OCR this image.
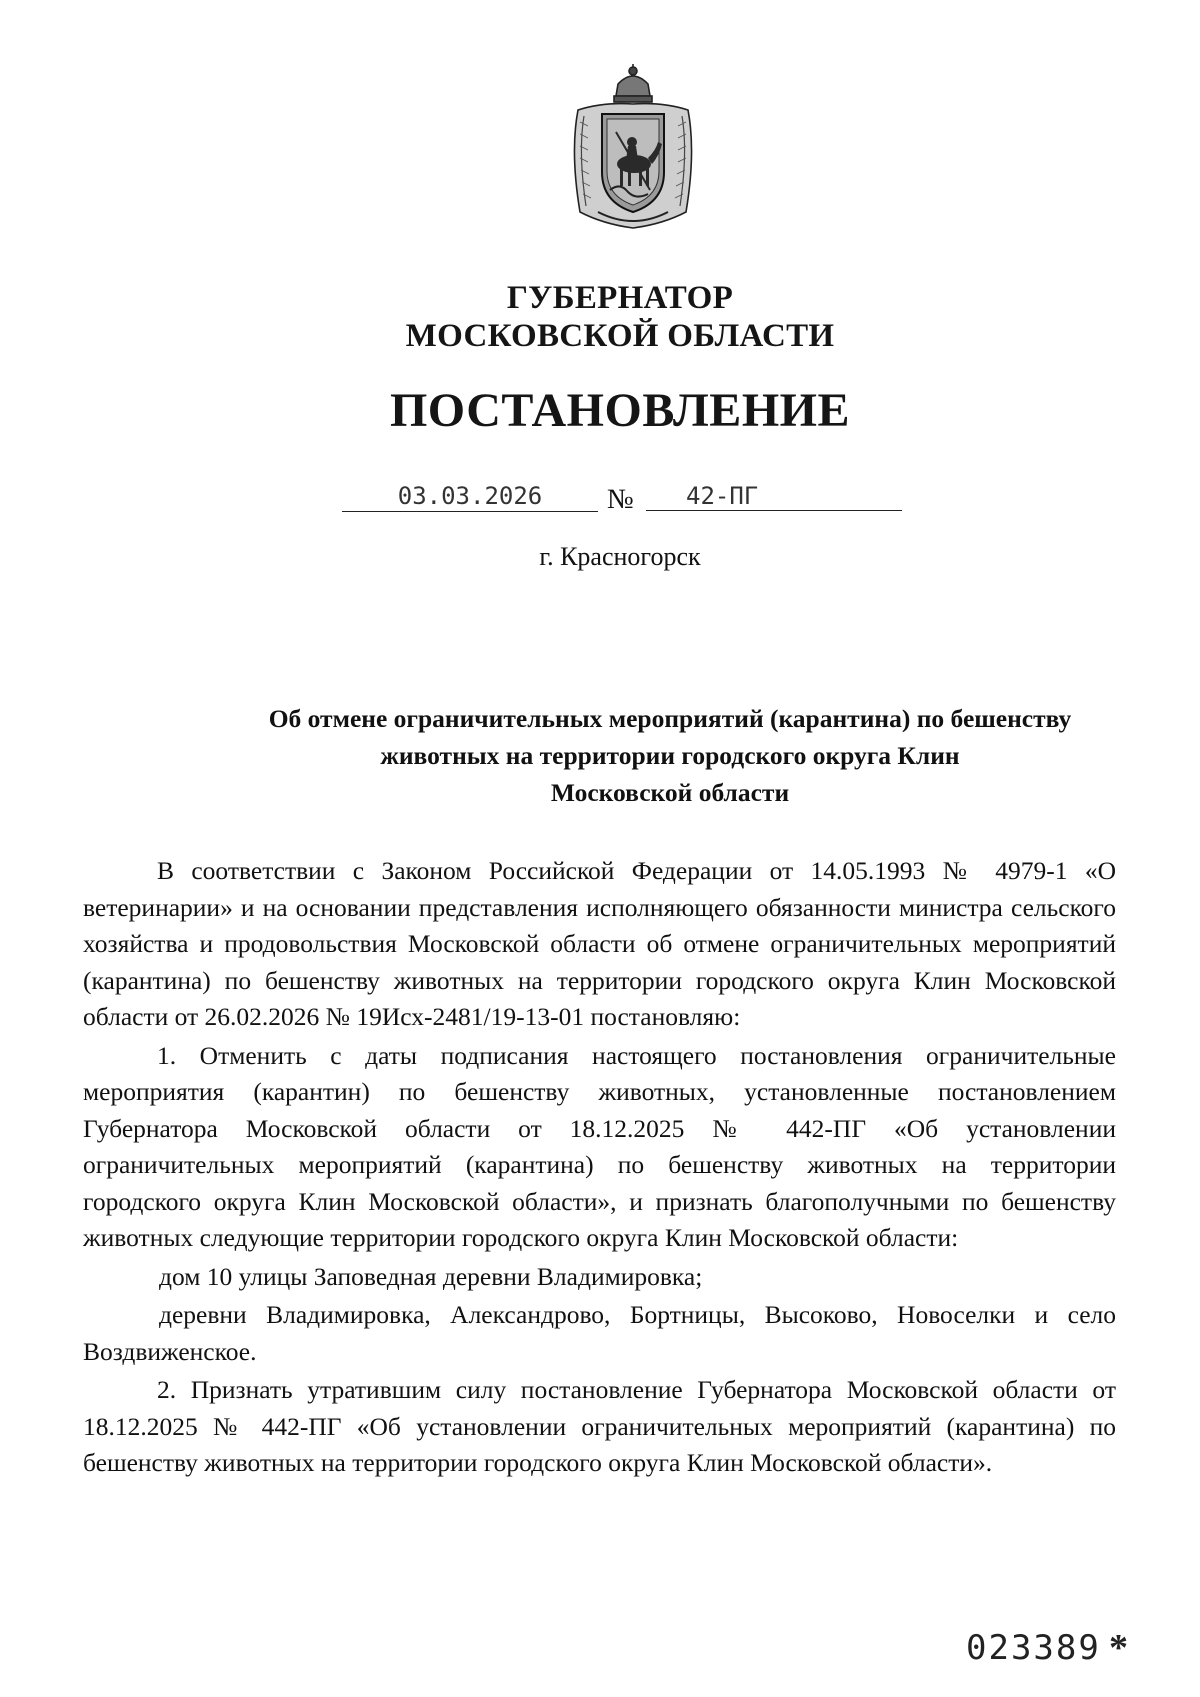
ГУБЕРНАТОР
МОСКОВСКОЙ ОБЛАСТИ
ПОСТАНОВЛЕНИЕ
03.03.2026	№	42-ПГ
г. Красногорск
Об отмене ограничительных мероприятий (карантина) по бешенству
животных на территории городского округа Клин
Московской области

В соответствии с Законом Российской Федерации от 14.05.1993 № 4979-1 «О ветеринарии» и на основании представления исполняющего обязанности министра сельского хозяйства и продовольствия Московской области об отмене ограничительных мероприятий (карантина) по бешенству животных на территории городского округа Клин Московской области от 26.02.2026 № 19Исх-2481/19-13-01 постановляю:

1. Отменить с даты подписания настоящего постановления ограничительные мероприятия (карантин) по бешенству животных, установленные постановлением Губернатора Московской области от 18.12.2025 № 442-ПГ «Об установлении ограничительных мероприятий (карантина) по бешенству животных на территории городского округа Клин Московской области», и признать благополучными по бешенству животных следующие территории городского округа Клин Московской области:

дом 10 улицы Заповедная деревни Владимировка;

деревни Владимировка, Александрово, Бортницы, Высоково, Новоселки и село Воздвиженское.

2. Признать утратившим силу постановление Губернатора Московской области от 18.12.2025 № 442-ПГ «Об установлении ограничительных мероприятий (карантина) по бешенству животных на территории городского округа Клин Московской области».

023389 *
